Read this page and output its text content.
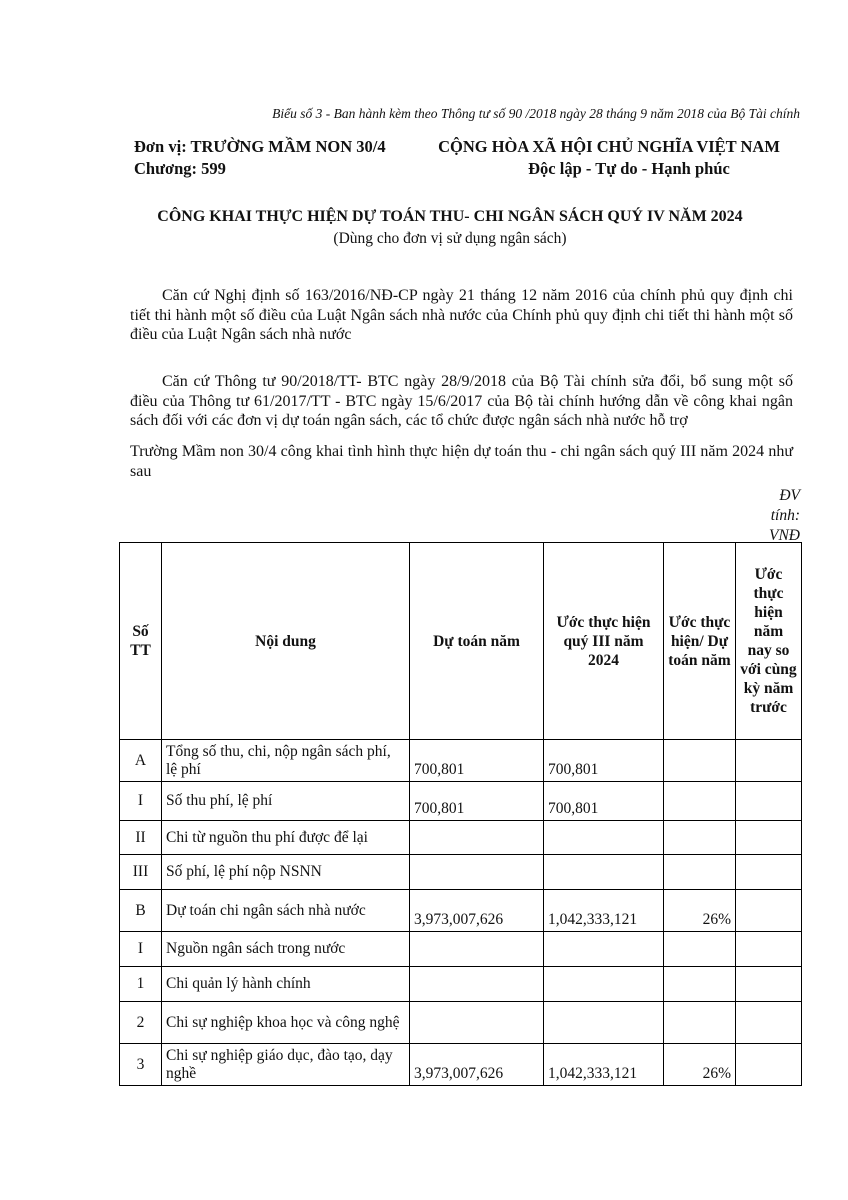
Biểu số 3 - Ban hành kèm theo Thông tư số 90 /2018 ngày 28 tháng 9 năm 2018 của Bộ Tài chính
Đơn vị: TRƯỜNG MẦM NON 30/4
Chương: 599
CỘNG HÒA XÃ HỘI CHỦ NGHĨA VIỆT NAM
Độc lập - Tự do - Hạnh phúc
CÔNG KHAI THỰC HIỆN DỰ TOÁN THU- CHI NGÂN SÁCH QUÝ IV NĂM 2024
(Dùng cho đơn vị sử dụng ngân sách)
Căn cứ Nghị định số 163/2016/NĐ-CP ngày 21 tháng 12 năm 2016 của chính phủ quy định chi tiết thi hành một số điều của Luật Ngân sách nhà nước của Chính phủ quy định chi tiết thi hành một số điều của Luật Ngân sách nhà nước
Căn cứ Thông tư 90/2018/TT- BTC ngày 28/9/2018 của Bộ Tài chính sửa đổi, bổ sung một số điều của Thông tư 61/2017/TT - BTC ngày 15/6/2017 của Bộ tài chính hướng dẫn về công khai ngân sách đối với các đơn vị dự toán ngân sách, các tổ chức được ngân sách nhà nước hỗ trợ
Trường Mầm non 30/4 công khai tình hình thực hiện dự toán thu - chi ngân sách quý III năm 2024 như sau
ĐV
tính:
VNĐ
Số TT	Nội dung	Dự toán năm	Ước thực hiện quý III năm 2024	Ước thực hiện/ Dự toán năm	Ước thực hiện năm nay so với cùng kỳ năm trước
A	Tổng số thu, chi, nộp ngân sách phí, lệ phí	700,801	700,801		
I	Số thu phí, lệ phí	700,801	700,801		
II	Chi từ nguồn thu phí được để lại				
III	Số phí, lệ phí nộp NSNN				
B	Dự toán chi ngân sách nhà nước	3,973,007,626	1,042,333,121	26%	
I	Nguồn ngân sách trong nước				
1	Chi quản lý hành chính				
2	Chi sự nghiệp khoa học và công nghệ				
3	Chi sự nghiệp giáo dục, đào tạo, dạy nghề	3,973,007,626	1,042,333,121	26%	
